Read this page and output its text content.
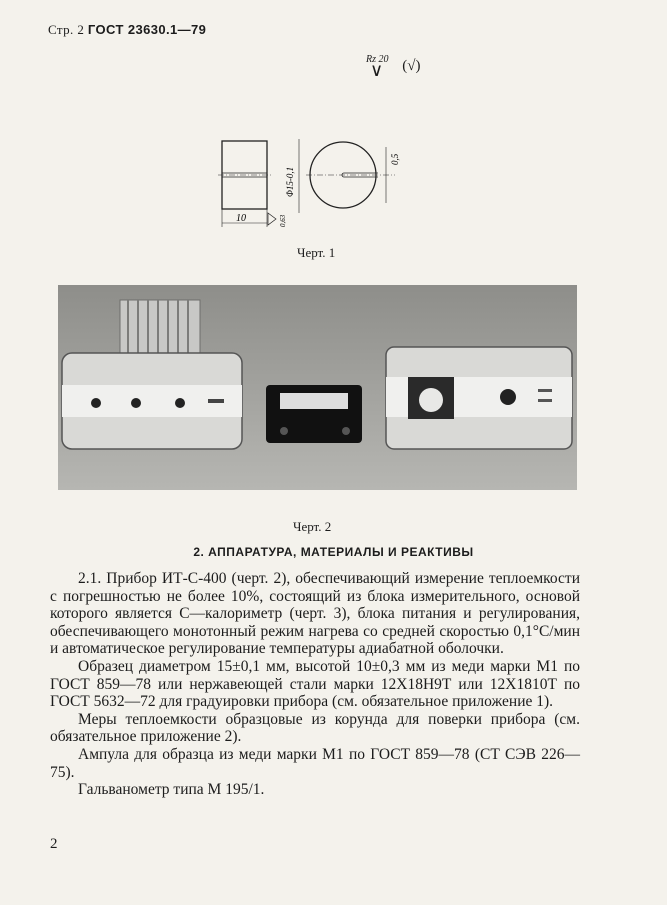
Стр. 2 ГОСТ 23630.1—79
$^{Rz 20}$
∨ (√)
10	0,63
Φ15-0,1
0,5
Черт. 1
Черт. 2
2. АППАРАТУРА, МАТЕРИАЛЫ И РЕАКТИВЫ

2.1. Прибор ИТ-С-400 (черт. 2), обеспечивающий измерение теплоемкости с погрешностью не более 10%, состоящий из блока измерительного, основой которого является С—калориметр (черт. 3), блока питания и регулирования, обеспечивающего монотонный режим нагрева со средней скоростью 0,1°С/мин и автоматическое регулирование температуры адиабатной оболочки.

Образец диаметром 15±0,1 мм, высотой 10±0,3 мм из меди марки М1 по ГОСТ 859—78 или нержавеющей стали марки 12Х18Н9Т или 12Х1810Т по ГОСТ 5632—72 для градуировки прибора (см. обязательное приложение 1).

Меры теплоемкости образцовые из корунда для поверки прибора (см. обязательное приложение 2).

Ампула для образца из меди марки М1 по ГОСТ 859—78 (СТ СЭВ 226—75).

Гальванометр типа М 195/1.

2
